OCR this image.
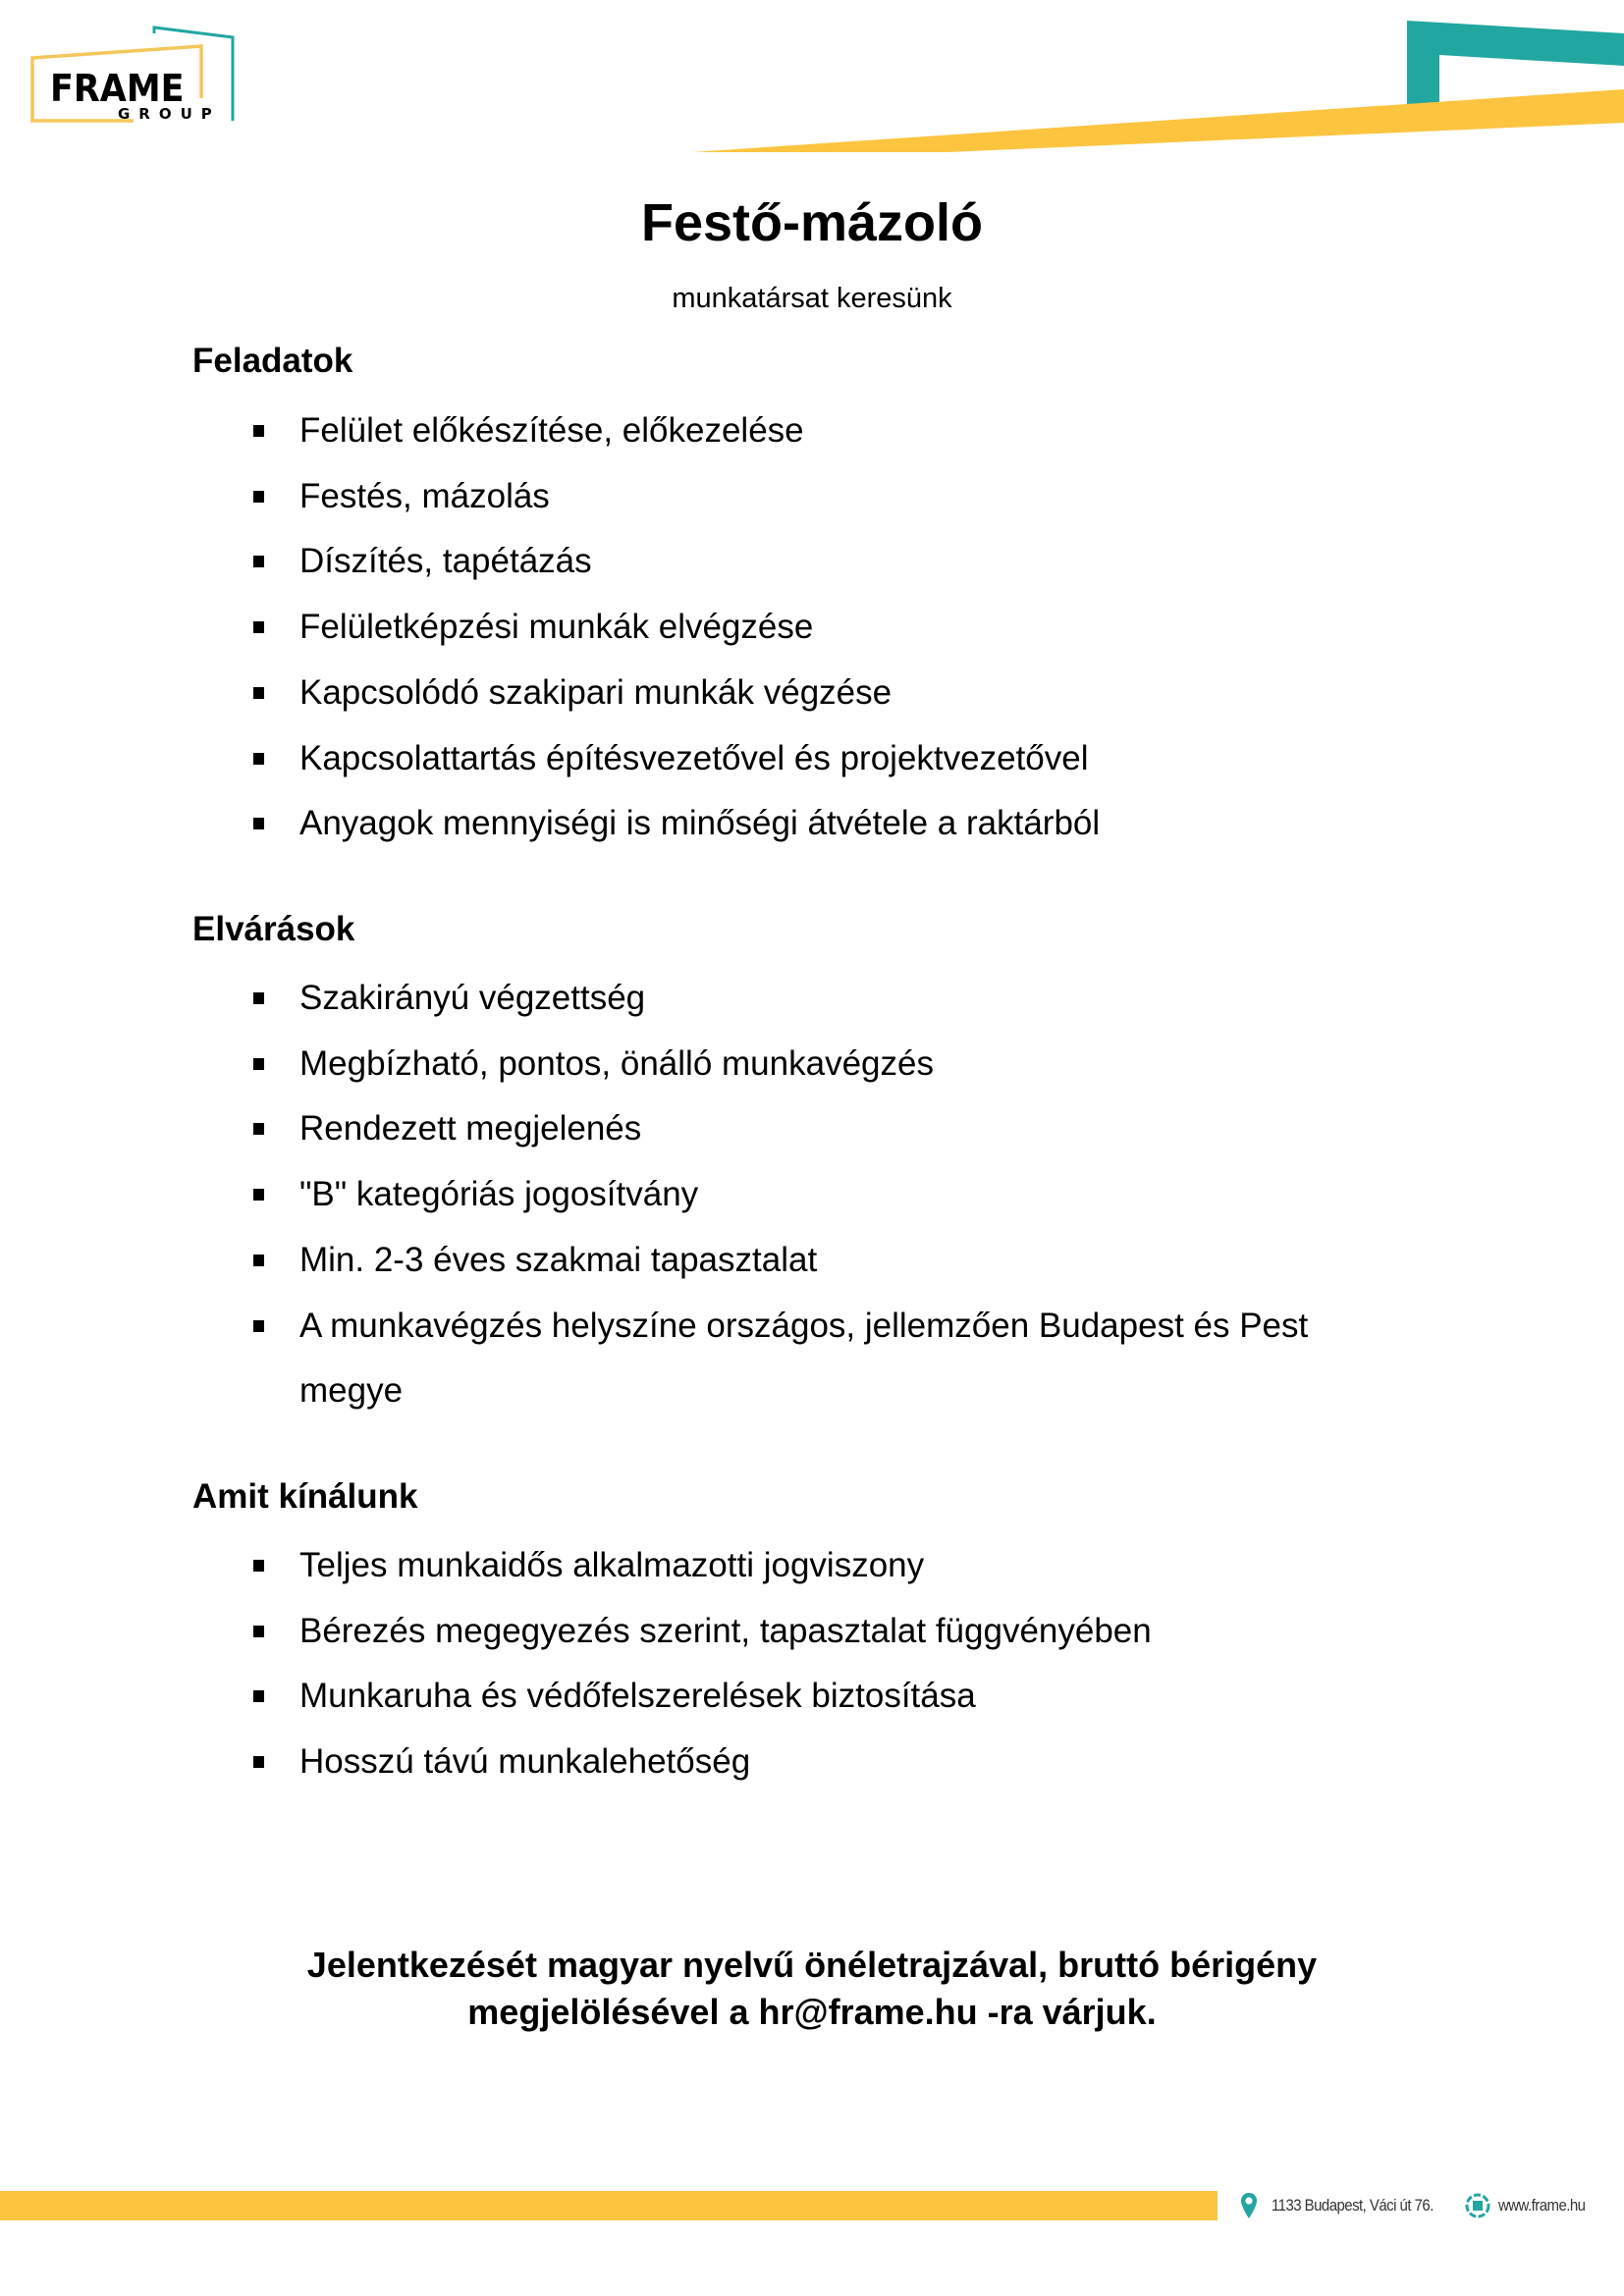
FRAME
GROUP
Festő-mázoló
munkatársat keresünk
Feladatok
Felület előkészítése, előkezelése
Festés, mázolás
Díszítés, tapétázás
Felületképzési munkák elvégzése
Kapcsolódó szakipari munkák végzése
Kapcsolattartás építésvezetővel és projektvezetővel
Anyagok mennyiségi is minőségi átvétele a raktárból
Elvárások
Szakirányú végzettség
Megbízható, pontos, önálló munkavégzés
Rendezett megjelenés
"B" kategóriás jogosítvány
Min. 2-3 éves szakmai tapasztalat
A munkavégzés helyszíne országos, jellemzően Budapest és Pest
megye
Amit kínálunk
Teljes munkaidős alkalmazotti jogviszony
Bérezés megegyezés szerint, tapasztalat függvényében
Munkaruha és védőfelszerelések biztosítása
Hosszú távú munkalehetőség
Jelentkezését magyar nyelvű önéletrajzával, bruttó bérigény
megjelölésével a hr@frame.hu -ra várjuk.
1133 Budapest, Váci út 76.	www.frame.hu
